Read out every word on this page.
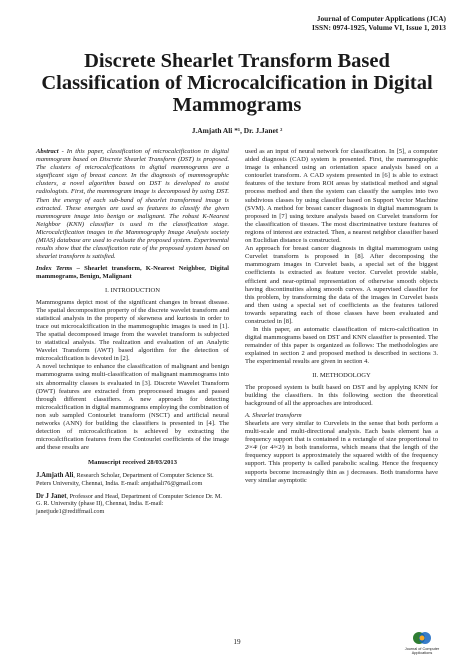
Journal of Computer Applications (JCA)
ISSN: 0974-1925, Volume VI, Issue 1, 2013
Discrete Shearlet Transform Based Classification of Microcalcification in Digital Mammograms
J.Amjath Ali *¹, Dr. J.Janet ²

Abstract - In this paper, classification of microcalcification in digital mammogram based on Discrete Shearlet Transform (DST) is proposed. The clusters of microcalcifications in digital mammograms are a significant sign of breast cancer. In the diagnosis of mammographic clusters, a novel algorithm based on DST is developed to assist radiologists. First, the mammogram image is decomposed by using DST. Then the energy of each sub-band of shearlet transformed image is extracted. These energies are used as features to classify the given mammogram image into benign or malignant. The robust K-Nearest Neighbor (KNN) classifier is used in the classification stage. Microcalcification images in the Mammography Image Analysis society (MIAS) database are used to evaluate the proposed system. Experimental results show that the classification rate of the proposed system based on shearlet transform is satisfied.

Index Terms – Shearlet transform, K-Nearest Neighbor, Digital mammograms, Benign, Malignant

I. INTRODUCTION

Mammograms depict most of the significant changes in breast disease. The spatial decomposition property of the discrete wavelet transform and statistical analysis in the property of skewness and kurtosis in order to trace out microcalcification in the mammographic images is used in [1]. The spatial decomposed image from the wavelet transform is subjected to statistical analysis. The realization and evaluation of an Analytic Wavelet Transform (AWT) based algorithm for the detection of microcalcification is devoted in [2].

A novel technique to enhance the classification of malignant and benign mammograms using multi-classification of malignant mammograms into six abnormality classes is evaluated in [3]. Discrete Wavelet Transform (DWT) features are extracted from preprocessed images and passed through different classifiers. A new approach for detecting microcalcification in digital mammograms employing the combination of non sub sampled Contourlet transform (NSCT) and artificial neural networks (ANN) for building the classifiers is presented in [4]. The detection of microcalcification is achieved by extracting the microcalcification features from the Contourlet coefficients of the image and these results are

Manuscript received 28/03/2013

J.Amjath Ali, Research Scholar, Department of Computer Science St. Peters University, Chennai, India. E-mail: amjathali76@gmail.com

Dr J Janet, Professor and Head, Department of Computer Science Dr. M. G. R. University (phase II), Chennai, India. E-mail: janetjude1@rediffmail.com

used as an input of neural network for classification. In [5], a computer aided diagnosis (CAD) system is presented. First, the mammographic image is enhanced using an orientation space analysis based on a contourlet transform. A CAD system presented in [6] is able to extract features of the texture from ROI areas by statistical method and signal process method and then the system can classify the samples into two subdivious classes by using classifier based on Support Vector Machine (SVM). A method for breast cancer diagnosis in digital mammogram is proposed in [7] using texture analysis based on Curvelet transform for the classification of tissues. The most discriminative texture features of regions of interest are extracted. Then, a nearest neighbor classifier based on Euclidian distance is constructed.

An approach for breast cancer diagnosis in digital mammogram using Curvelet transform is proposed in [8]. After decomposing the mammogram images in Curvelet basis, a special set of the biggest coefficients is extracted as feature vector. Curvelet provide stable, efficient and near-optimal representation of otherwise smooth objects having discontinuities along smooth curves. A supervised classifier for this problem, by transforming the data of the images in Curvelet basis and then using a special set of coefficients as the features tailored towards separating each of those classes have been evaluated and constructed in [8].

In this paper, an automatic classification of micro-calcification in digital mammograms based on DST and KNN classifier is presented. The remainder of this paper is organized as follows: The methodologies are explained in section 2 and proposed method is described in sections 3. The experimental results are given in section 4.

II. METHODOLOGY

The proposed system is built based on DST and by applying KNN for building the classifiers. In this following section the theoretical background of all the approaches are introduced.

A. Shearlet transform

Shearlets are very similar to Curvelets in the sense that both perform a multi-scale and multi-directional analysis. Each basis element has a frequency support that is contained in a rectangle of size proportional to 2ʲ×4ʲ (or 4ʲ×2ʲ) in both transforms, which means that the length of the frequency support is approximately the squared width of the frequency support. This property is called parabolic scaling. Hence the frequency supports become increasingly thin as j decreases. Both transforms have very similar asymptotic

19
Journal of Computer
Applications
